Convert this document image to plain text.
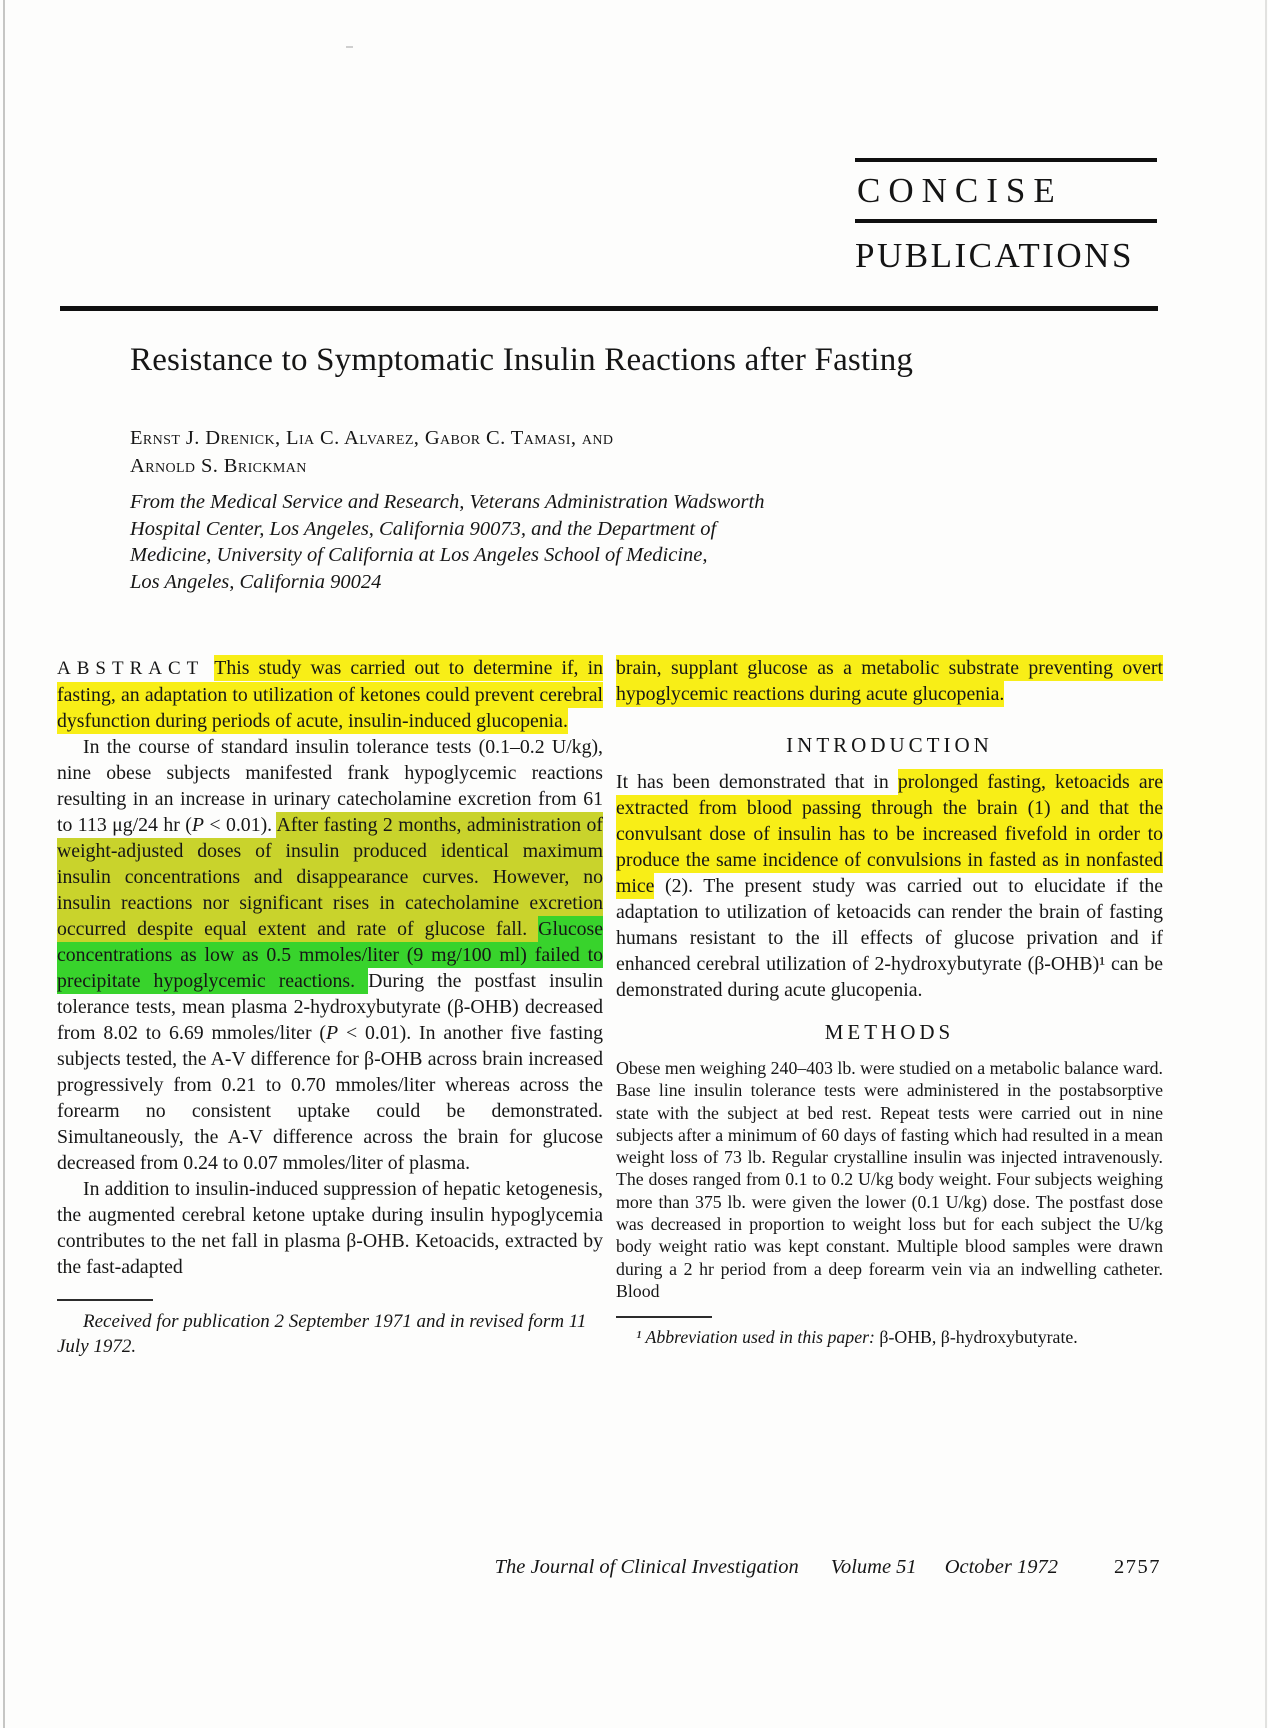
CONCISE
PUBLICATIONS
Resistance to Symptomatic Insulin Reactions after Fasting
Ernst J. Drenick, Lia C. Alvarez, Gabor C. Tamasi, and
Arnold S. Brickman
From the Medical Service and Research, Veterans Administration Wadsworth
Hospital Center, Los Angeles, California 90073, and the Department of
Medicine, University of California at Los Angeles School of Medicine,
Los Angeles, California 90024

ABSTRACT This study was carried out to determine if, in fasting, an adaptation to utilization of ketones could prevent cerebral dysfunction during periods of acute, insulin-induced glucopenia.

In the course of standard insulin tolerance tests (0.1–0.2 U/kg), nine obese subjects manifested frank hypoglycemic reactions resulting in an increase in urinary catecholamine excretion from 61 to 113 μg/24 hr (P < 0.01). After fasting 2 months, administration of weight-adjusted doses of insulin produced identical maximum insulin concentrations and disappearance curves. However, no insulin reactions nor significant rises in catecholamine excretion occurred despite equal extent and rate of glucose fall. Glucose concentrations as low as 0.5 mmoles/liter (9 mg/100 ml) failed to precipitate hypoglycemic reactions. During the postfast insulin tolerance tests, mean plasma 2-hydroxybutyrate (β-OHB) decreased from 8.02 to 6.69 mmoles/liter (P < 0.01). In another five fasting subjects tested, the A-V difference for β-OHB across brain increased progressively from 0.21 to 0.70 mmoles/liter whereas across the forearm no consistent uptake could be demonstrated. Simultaneously, the A-V difference across the brain for glucose decreased from 0.24 to 0.07 mmoles/liter of plasma.

In addition to insulin-induced suppression of hepatic ketogenesis, the augmented cerebral ketone uptake during insulin hypoglycemia contributes to the net fall in plasma β-OHB. Ketoacids, extracted by the fast-adapted

Received for publication 2 September 1971 and in revised form 11 July 1972.

brain, supplant glucose as a metabolic substrate preventing overt hypoglycemic reactions during acute glucopenia.

INTRODUCTION

It has been demonstrated that in prolonged fasting, ketoacids are extracted from blood passing through the brain (1) and that the convulsant dose of insulin has to be increased fivefold in order to produce the same incidence of convulsions in fasted as in nonfasted mice (2). The present study was carried out to elucidate if the adaptation to utilization of ketoacids can render the brain of fasting humans resistant to the ill effects of glucose privation and if enhanced cerebral utilization of 2-hydroxybutyrate (β-OHB)¹ can be demonstrated during acute glucopenia.

METHODS

Obese men weighing 240–403 lb. were studied on a metabolic balance ward. Base line insulin tolerance tests were administered in the postabsorptive state with the subject at bed rest. Repeat tests were carried out in nine subjects after a minimum of 60 days of fasting which had resulted in a mean weight loss of 73 lb. Regular crystalline insulin was injected intravenously. The doses ranged from 0.1 to 0.2 U/kg body weight. Four subjects weighing more than 375 lb. were given the lower (0.1 U/kg) dose. The postfast dose was decreased in proportion to weight loss but for each subject the U/kg body weight ratio was kept constant. Multiple blood samples were drawn during a 2 hr period from a deep forearm vein via an indwelling catheter. Blood

¹ Abbreviation used in this paper: β-OHB, β-hydroxybutyrate.

The Journal of Clinical Investigation Volume 51 October 1972	2757
